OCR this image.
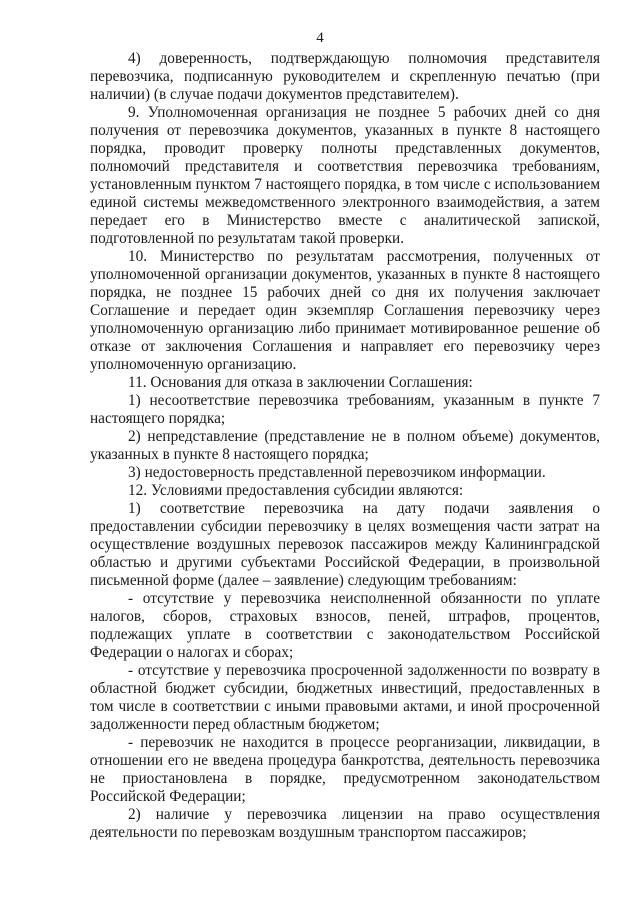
4

4) доверенность, подтверждающую полномочия представителя перевозчика, подписанную руководителем и скрепленную печатью (при наличии) (в случае подачи документов представителем).

9. Уполномоченная организация не позднее 5 рабочих дней со дня получения от перевозчика документов, указанных в пункте 8 настоящего порядка, проводит проверку полноты представленных документов, полномочий представителя и соответствия перевозчика требованиям, установленным пунктом 7 настоящего порядка, в том числе с использованием единой системы межведомственного электронного взаимодействия, а затем передает его в Министерство вместе с аналитической запиской, подготовленной по результатам такой проверки.

10. Министерство по результатам рассмотрения, полученных от уполномоченной организации документов, указанных в пункте 8 настоящего порядка, не позднее 15 рабочих дней со дня их получения заключает Соглашение и передает один экземпляр Соглашения перевозчику через уполномоченную организацию либо принимает мотивированное решение об отказе от заключения Соглашения и направляет его перевозчику через уполномоченную организацию.

11. Основания для отказа в заключении Соглашения:

1) несоответствие перевозчика требованиям, указанным в пункте 7 настоящего порядка;

2) непредставление (представление не в полном объеме) документов, указанных в пункте 8 настоящего порядка;

3) недостоверность представленной перевозчиком информации.

12. Условиями предоставления субсидии являются:

1) соответствие перевозчика на дату подачи заявления о предоставлении субсидии перевозчику в целях возмещения части затрат на осуществление воздушных перевозок пассажиров между Калининградской областью и другими субъектами Российской Федерации, в произвольной письменной форме (далее – заявление) следующим требованиям:

- отсутствие у перевозчика неисполненной обязанности по уплате налогов, сборов, страховых взносов, пеней, штрафов, процентов, подлежащих уплате в соответствии с законодательством Российской Федерации о налогах и сборах;

- отсутствие у перевозчика просроченной задолженности по возврату в областной бюджет субсидии, бюджетных инвестиций, предоставленных в том числе в соответствии с иными правовыми актами, и иной просроченной задолженности перед областным бюджетом;

- перевозчик не находится в процессе реорганизации, ликвидации, в отношении его не введена процедура банкротства, деятельность перевозчика не приостановлена в порядке, предусмотренном законодательством Российской Федерации;

2) наличие у перевозчика лицензии на право осуществления деятельности по перевозкам воздушным транспортом пассажиров;
